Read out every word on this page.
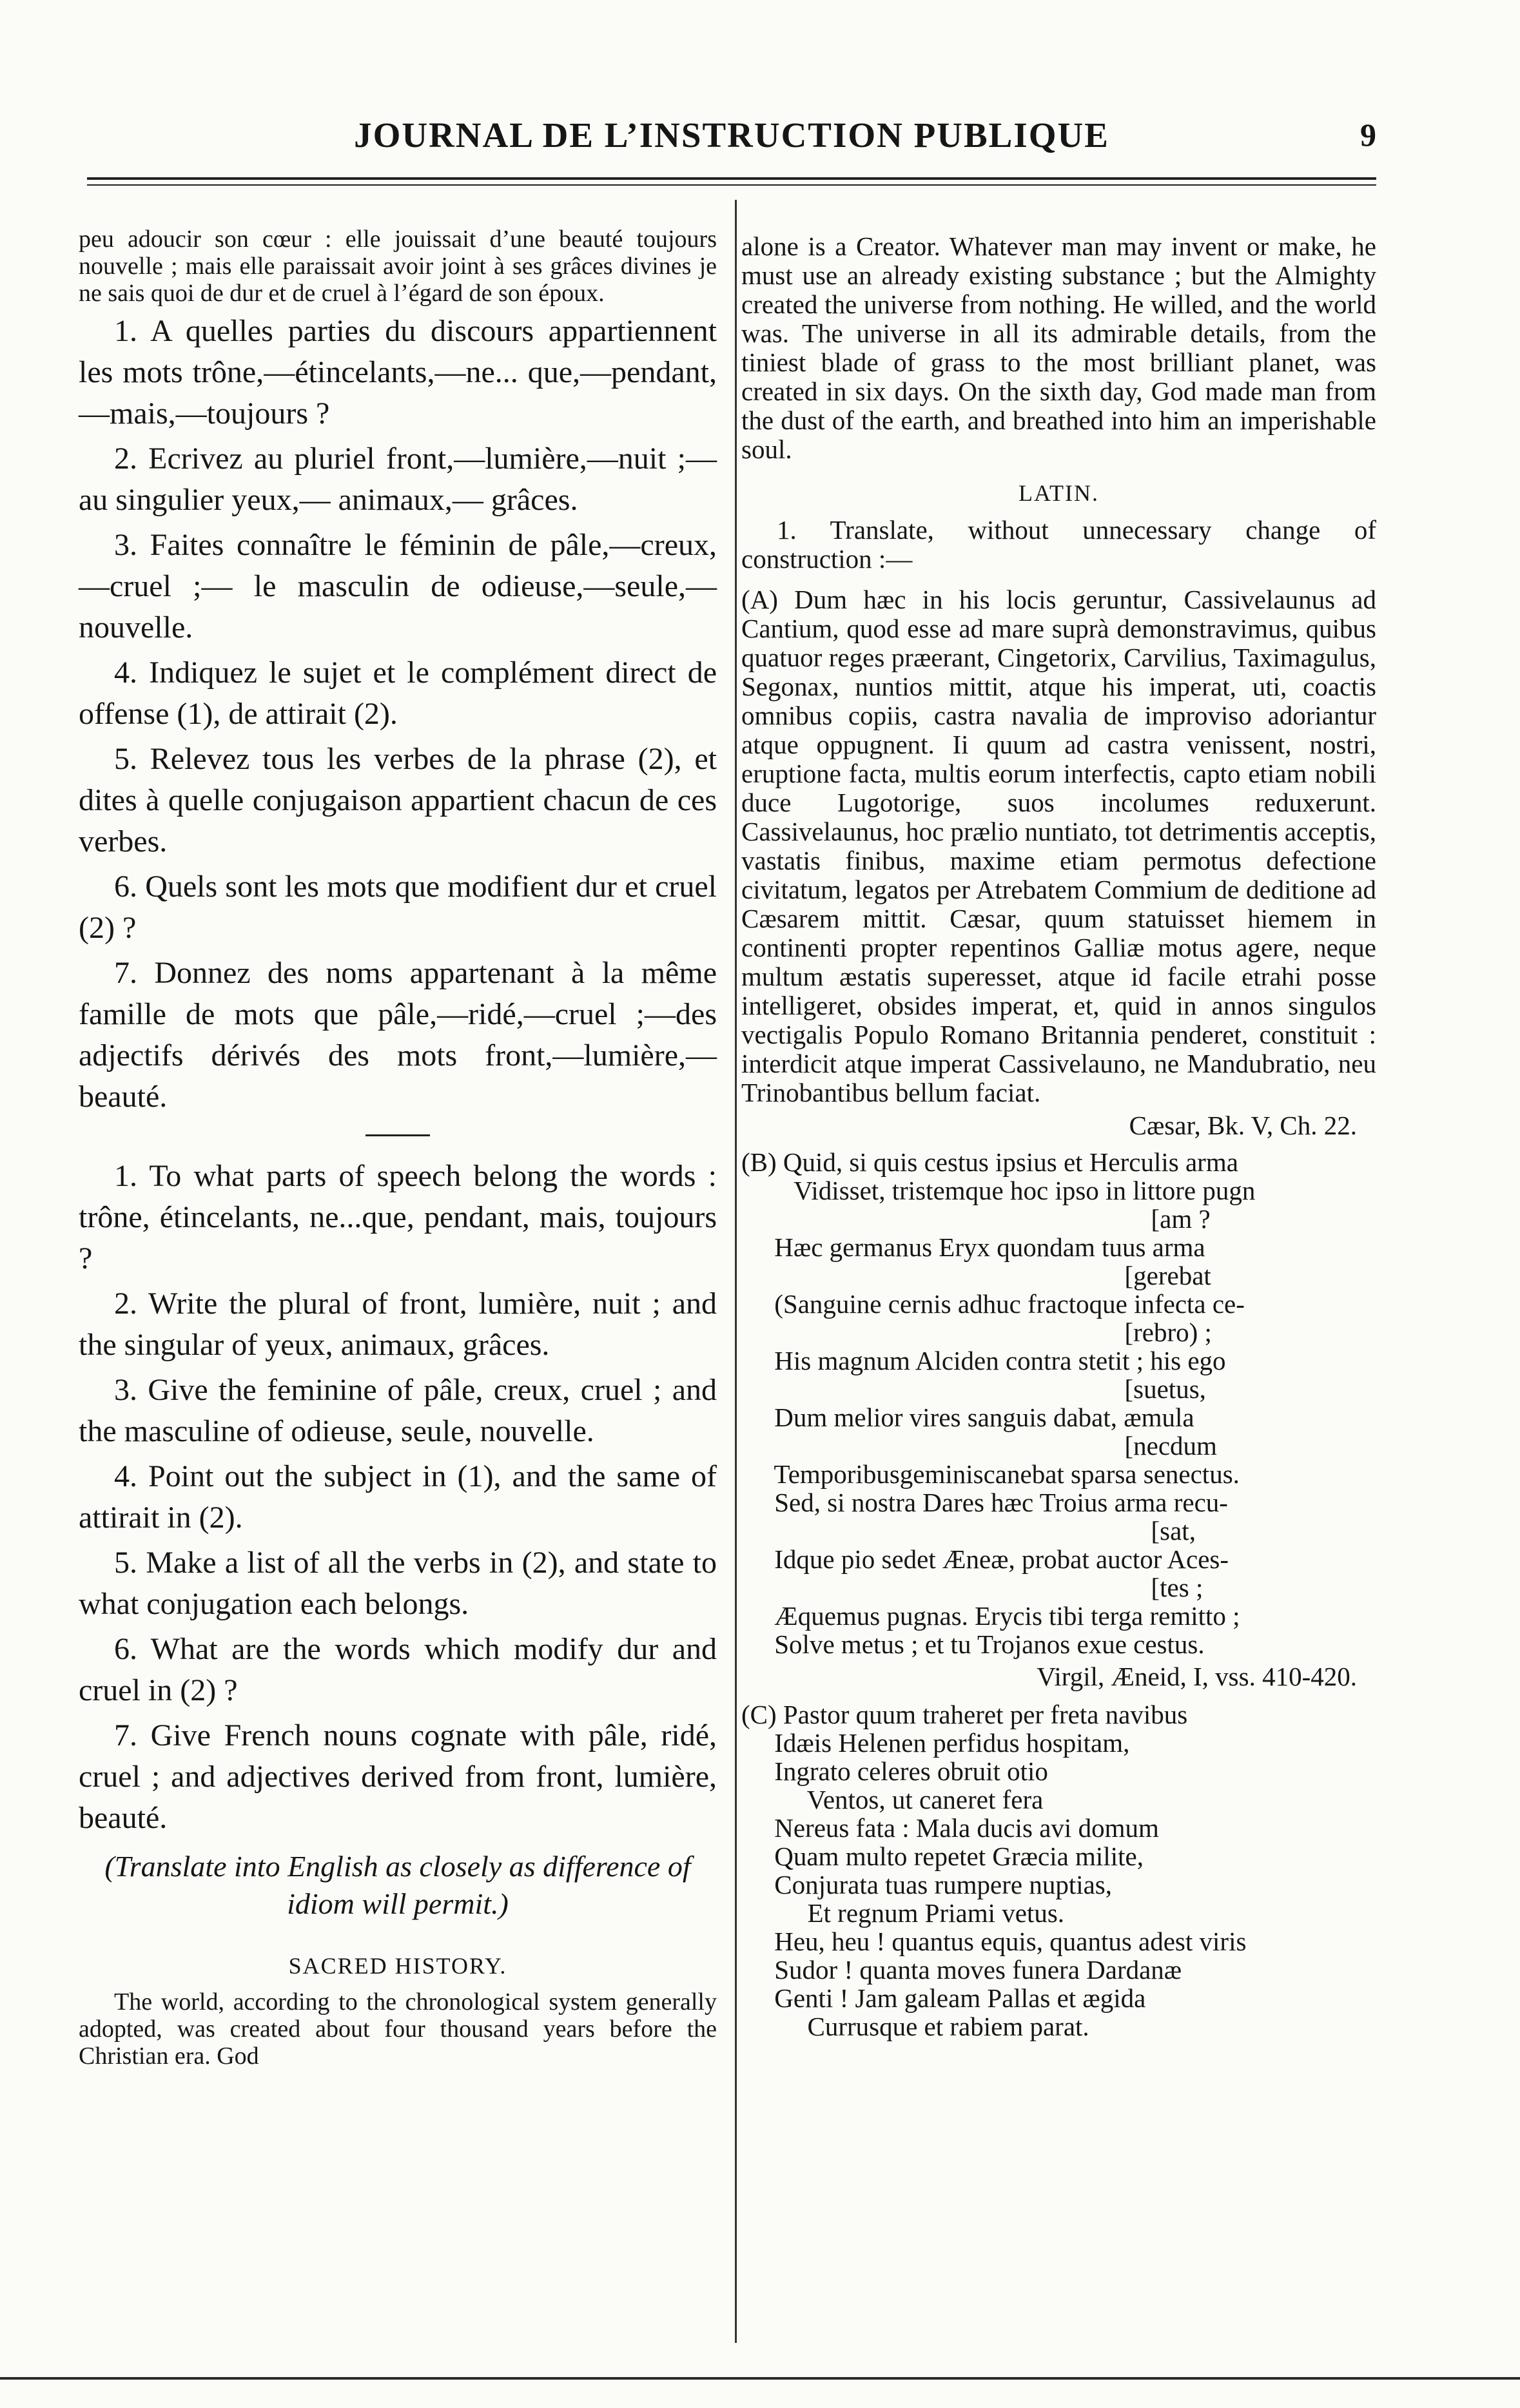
JOURNAL DE L’INSTRUCTION PUBLIQUE	9

peu adoucir son cœur : elle jouissait d’une beauté toujours nouvelle ; mais elle paraissait avoir joint à ses grâces divines je ne sais quoi de dur et de cruel à l’égard de son époux.

1. A quelles parties du discours appartiennent les mots trône,—étincelants,—ne... que,—pendant,—mais,—toujours ?

2. Ecrivez au pluriel front,—lumière,—nuit ;— au singulier yeux,— animaux,— grâces.

3. Faites connaître le féminin de pâle,—creux,—cruel ;— le masculin de odieuse,—seule,—nouvelle.

4. Indiquez le sujet et le complément direct de offense (1), de attirait (2).

5. Relevez tous les verbes de la phrase (2), et dites à quelle conjugaison appartient chacun de ces verbes.

6. Quels sont les mots que modifient dur et cruel (2) ?

7. Donnez des noms appartenant à la même famille de mots que pâle,—ridé,—cruel ;—des adjectifs dérivés des mots front,—lumière,—beauté.

1. To what parts of speech belong the words : trône, étincelants, ne...que, pendant, mais, toujours ?

2. Write the plural of front, lumière, nuit ; and the singular of yeux, animaux, grâces.

3. Give the feminine of pâle, creux, cruel ; and the masculine of odieuse, seule, nouvelle.

4. Point out the subject in (1), and the same of attirait in (2).

5. Make a list of all the verbs in (2), and state to what conjugation each belongs.

6. What are the words which modify dur and cruel in (2) ?

7. Give French nouns cognate with pâle, ridé, cruel ; and adjectives derived from front, lumière, beauté.

(Translate into English as closely as difference of idiom will permit.)

SACRED HISTORY.

The world, according to the chronological system generally adopted, was created about four thousand years before the Christian era. God

alone is a Creator. Whatever man may invent or make, he must use an already existing substance ; but the Almighty created the universe from nothing. He willed, and the world was. The universe in all its admirable details, from the tiniest blade of grass to the most brilliant planet, was created in six days. On the sixth day, God made man from the dust of the earth, and breathed into him an imperishable soul.

LATIN.

1. Translate, without unnecessary change of construction :—

(A) Dum hæc in his locis geruntur, Cassivelaunus ad Cantium, quod esse ad mare suprà demonstravimus, quibus quatuor reges præerant, Cingetorix, Carvilius, Taximagulus, Segonax, nuntios mittit, atque his imperat, uti, coactis omnibus copiis, castra navalia de improviso adoriantur atque oppugnent. Ii quum ad castra venissent, nostri, eruptione facta, multis eorum interfectis, capto etiam nobili duce Lugotorige, suos incolumes reduxerunt. Cassivelaunus, hoc prælio nuntiato, tot detrimentis acceptis, vastatis finibus, maxime etiam permotus defectione civitatum, legatos per Atrebatem Commium de deditione ad Cæsarem mittit. Cæsar, quum statuisset hiemem in continenti propter repentinos Galliæ motus agere, neque multum æstatis superesset, atque id facile etrahi posse intelligeret, obsides imperat, et, quid in annos singulos vectigalis Populo Romano Britannia penderet, constituit : interdicit atque imperat Cassivelauno, ne Mandubratio, neu Trinobantibus bellum faciat.

Cæsar, Bk. V, Ch. 22.
(B) Quid, si quis cestus ipsius et Herculis arma
Vidisset, tristemque hoc ipso in littore pugn
[am ?
Hæc germanus Eryx quondam tuus arma
[gerebat
(Sanguine cernis adhuc fractoque infecta ce-
[rebro) ;
His magnum Alciden contra stetit ; his ego
[suetus,
Dum melior vires sanguis dabat, æmula
[necdum
Temporibusgeminiscanebat sparsa senectus.
Sed, si nostra Dares hæc Troius arma recu-
[sat,
Idque pio sedet Æneæ, probat auctor Aces-
[tes ;
Æquemus pugnas. Erycis tibi terga remitto ;
Solve metus ; et tu Trojanos exue cestus.
Virgil, Æneid, I, vss. 410-420.
(C) Pastor quum traheret per freta navibus
Idæis Helenen perfidus hospitam,
Ingrato celeres obruit otio
Ventos, ut caneret fera
Nereus fata : Mala ducis avi domum
Quam multo repetet Græcia milite,
Conjurata tuas rumpere nuptias,
Et regnum Priami vetus.
Heu, heu ! quantus equis, quantus adest viris
Sudor ! quanta moves funera Dardanæ
Genti ! Jam galeam Pallas et ægida
Currusque et rabiem parat.
